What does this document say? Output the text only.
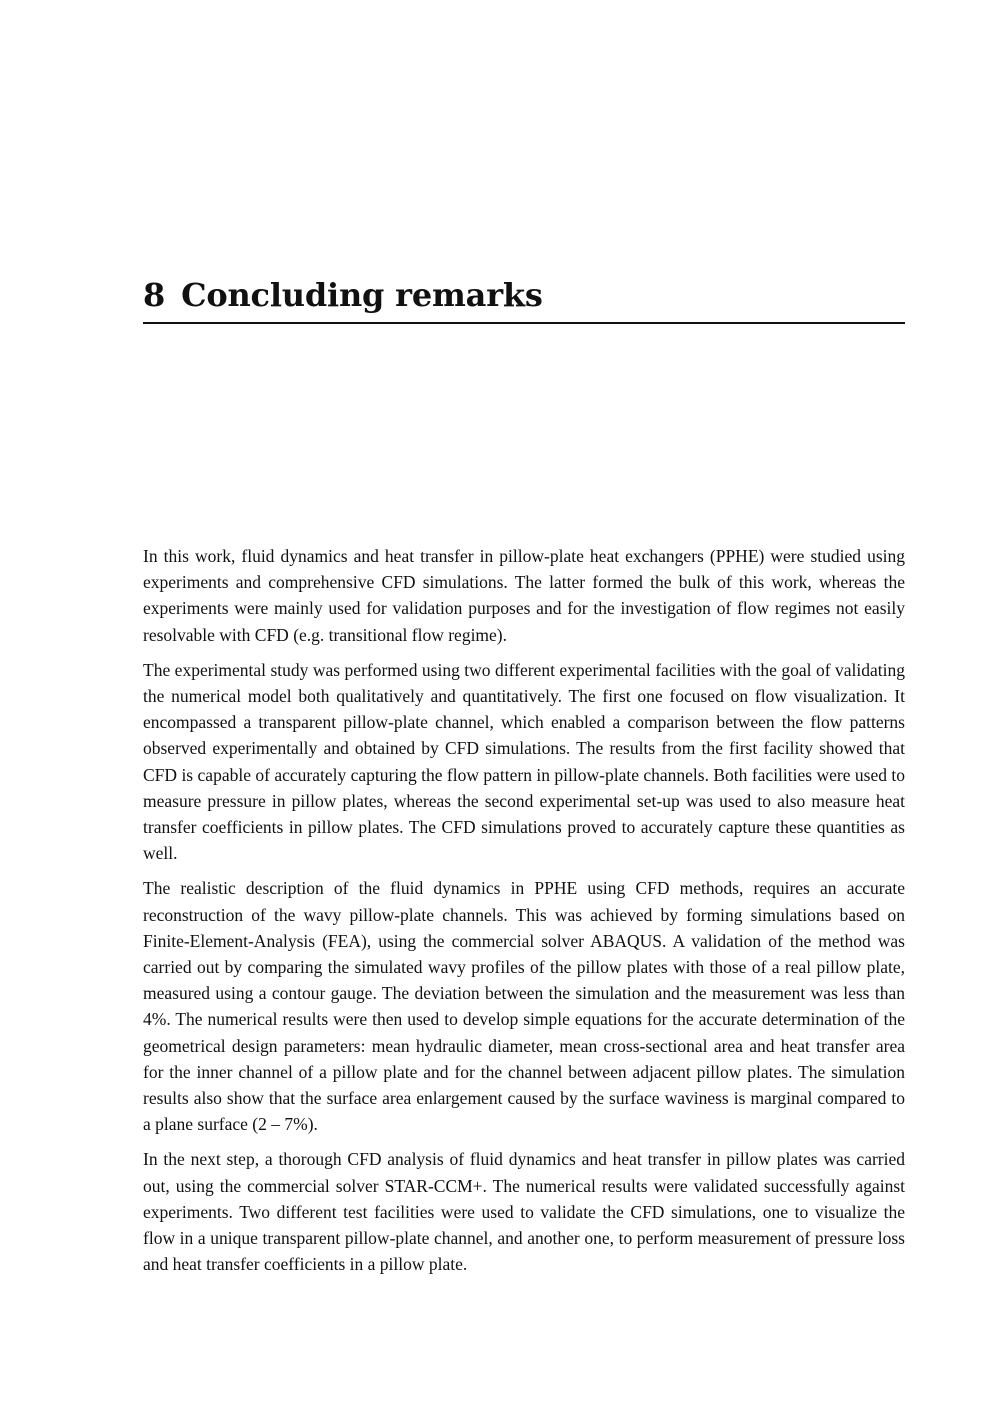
8 Concluding remarks

In this work, fluid dynamics and heat transfer in pillow-plate heat exchangers (PPHE) were studied using experiments and comprehensive CFD simulations. The latter formed the bulk of this work, whereas the experiments were mainly used for validation purposes and for the investigation of flow regimes not easily resolvable with CFD (e.g. transitional flow regime).

The experimental study was performed using two different experimental facilities with the goal of validating the numerical model both qualitatively and quantitatively. The first one focused on flow visualization. It encompassed a transparent pillow-plate channel, which enabled a comparison between the flow patterns observed experimentally and obtained by CFD simulations. The results from the first facility showed that CFD is capable of accurately capturing the flow pattern in pillow-plate channels. Both facilities were used to measure pressure in pillow plates, whereas the second experimental set-up was used to also measure heat transfer coefficients in pillow plates. The CFD simulations proved to accurately capture these quantities as well.

The realistic description of the fluid dynamics in PPHE using CFD methods, requires an accurate reconstruction of the wavy pillow-plate channels. This was achieved by forming simulations based on Finite-Element-Analysis (FEA), using the commercial solver ABAQUS. A validation of the method was carried out by comparing the simulated wavy profiles of the pillow plates with those of a real pillow plate, measured using a contour gauge. The deviation between the simulation and the measurement was less than 4%. The numerical results were then used to develop simple equations for the accurate determination of the geometrical design parameters: mean hydraulic diameter, mean cross-sectional area and heat transfer area for the inner channel of a pillow plate and for the channel between adjacent pillow plates. The simulation results also show that the surface area enlargement caused by the surface waviness is marginal compared to a plane surface (2 – 7%).

In the next step, a thorough CFD analysis of fluid dynamics and heat transfer in pillow plates was carried out, using the commercial solver STAR-CCM+. The numerical results were validated successfully against experiments. Two different test facilities were used to validate the CFD simulations, one to visualize the flow in a unique transparent pillow-plate channel, and another one, to perform measurement of pressure loss and heat transfer coefficients in a pillow plate.
